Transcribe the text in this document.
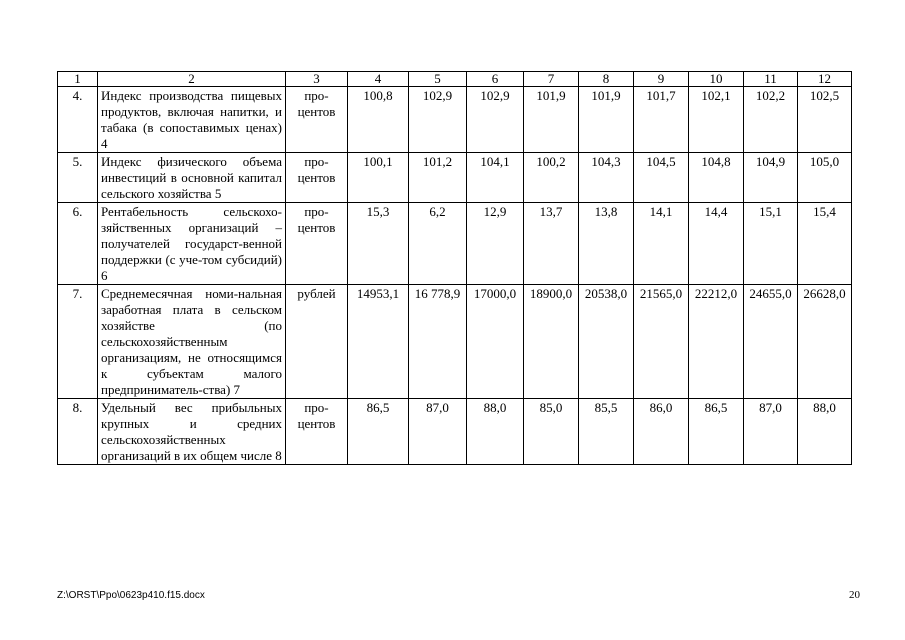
1	2	3	4	5	6	7	8	9	10	11	12
4.	Индекс производства пищевых продуктов, включая напитки, и табака (в сопоставимых ценах) 4	про-центов	100,8	102,9	102,9	101,9	101,9	101,7	102,1	102,2	102,5
5.	Индекс физического объема инвестиций в основной капитал сельского хозяйства 5	про-центов	100,1	101,2	104,1	100,2	104,3	104,5	104,8	104,9	105,0
6.	Рентабельность сельскохо-зяйственных организаций – получателей государст-венной поддержки (с уче-том субсидий) 6	про-центов	15,3	6,2	12,9	13,7	13,8	14,1	14,4	15,1	15,4
7.	Среднемесячная номи-нальная заработная плата в сельском хозяйстве (по сельскохозяйственным организациям, не относящимся к субъектам малого предприниматель-ства) 7	рублей	14953,1	16 778,9	17000,0	18900,0	20538,0	21565,0	22212,0	24655,0	26628,0
8.	Удельный вес прибыльных крупных и средних сельскохозяйственных организаций в их общем числе 8	про-центов	86,5	87,0	88,0	85,0	85,5	86,0	86,5	87,0	88,0
Z:\ORST\Ppo\0623p410.f15.docx	20
